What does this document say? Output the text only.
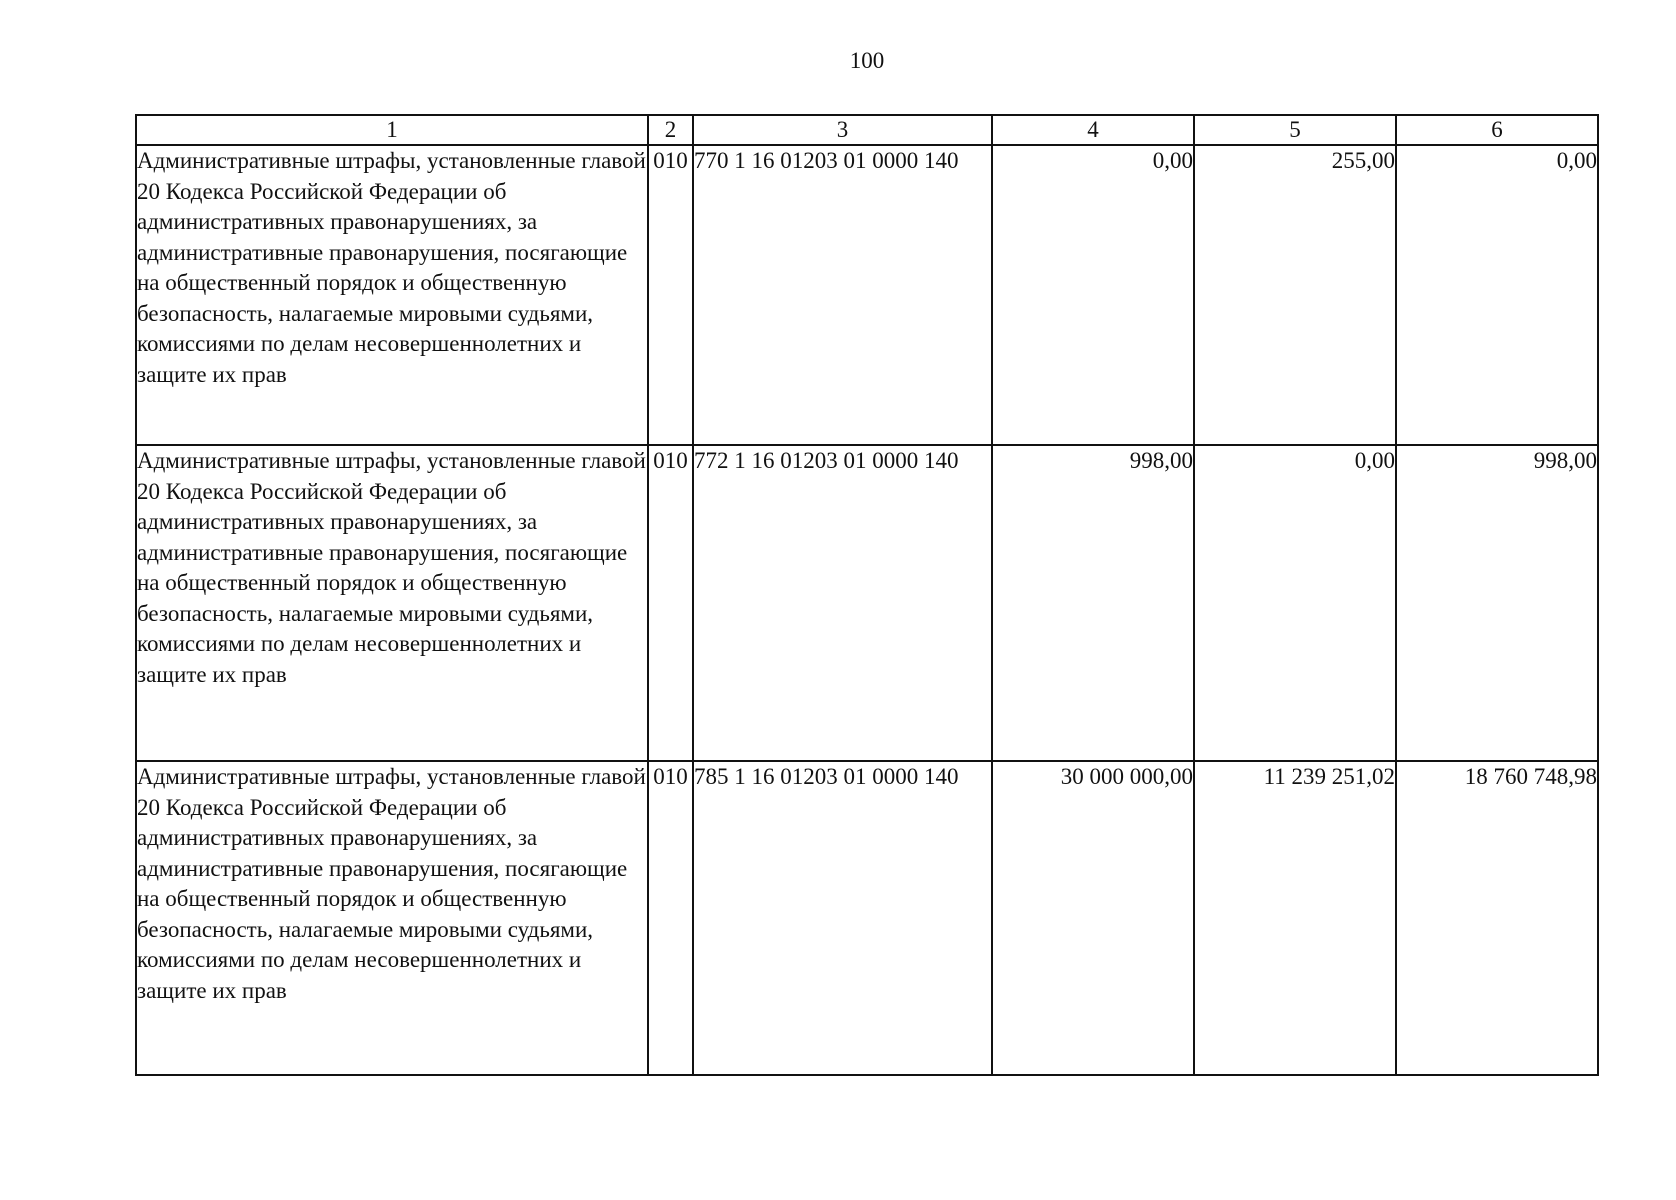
100
1	2	3	4	5	6
Административные штрафы, установленные главой 20 Кодекса Российской Федерации об административных правонарушениях, за административные правонарушения, посягающие на общественный порядок и общественную безопасность, налагаемые мировыми судьями, комиссиями по делам несовершеннолетних и защите их прав	010	770 1 16 01203 01 0000 140	0,00	255,00	0,00
Административные штрафы, установленные главой 20 Кодекса Российской Федерации об административных правонарушениях, за административные правонарушения, посягающие на общественный порядок и общественную безопасность, налагаемые мировыми судьями, комиссиями по делам несовершеннолетних и защите их прав	010	772 1 16 01203 01 0000 140	998,00	0,00	998,00
Административные штрафы, установленные главой 20 Кодекса Российской Федерации об административных правонарушениях, за административные правонарушения, посягающие на общественный порядок и общественную безопасность, налагаемые мировыми судьями, комиссиями по делам несовершеннолетних и защите их прав	010	785 1 16 01203 01 0000 140	30 000 000,00	11 239 251,02	18 760 748,98
